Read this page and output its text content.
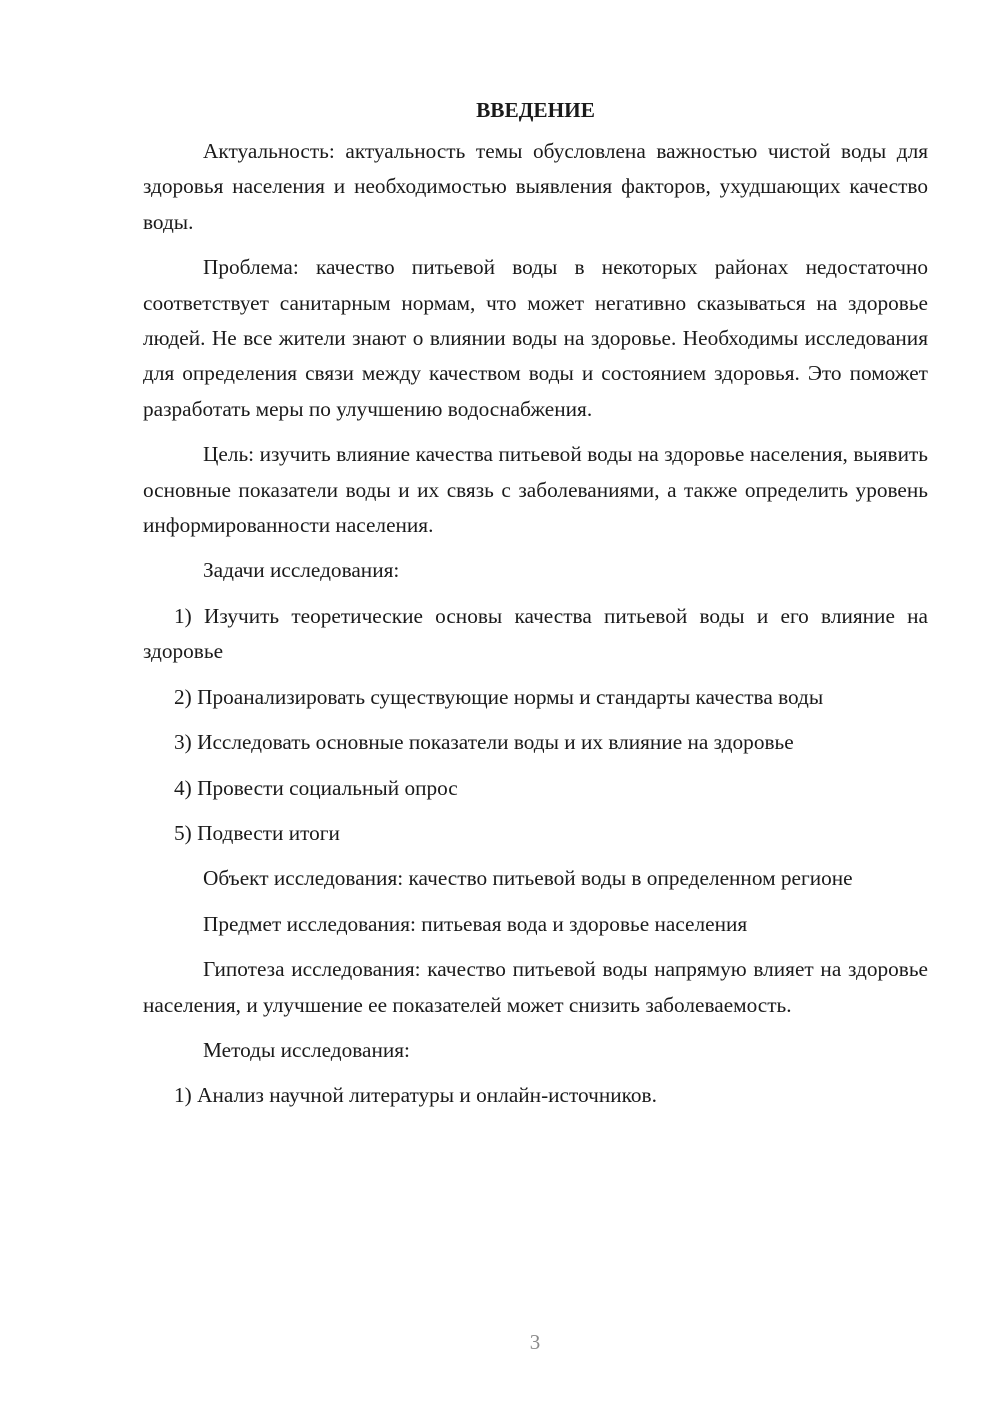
ВВЕДЕНИЕ

Актуальность: актуальность темы обусловлена важностью чистой воды для здоровья населения и необходимостью выявления факторов, ухудшающих качество воды.

Проблема: качество питьевой воды в некоторых районах недостаточно соответствует санитарным нормам, что может негативно сказываться на здоровье людей. Не все жители знают о влиянии воды на здоровье. Необходимы исследования для определения связи между качеством воды и состоянием здоровья. Это поможет разработать меры по улучшению водоснабжения.

Цель: изучить влияние качества питьевой воды на здоровье населения, выявить основные показатели воды и их связь с заболеваниями, а также определить уровень информированности населения.

Задачи исследования:

1) Изучить теоретические основы качества питьевой воды и его влияние на здоровье

2) Проанализировать существующие нормы и стандарты качества воды

3) Исследовать основные показатели воды и их влияние на здоровье

4) Провести социальный опрос

5) Подвести итоги

Объект исследования: качество питьевой воды в определенном регионе

Предмет исследования: питьевая вода и здоровье населения

Гипотеза исследования: качество питьевой воды напрямую влияет на здоровье населения, и улучшение ее показателей может снизить заболеваемость.

Методы исследования:

1) Анализ научной литературы и онлайн-источников.

3
